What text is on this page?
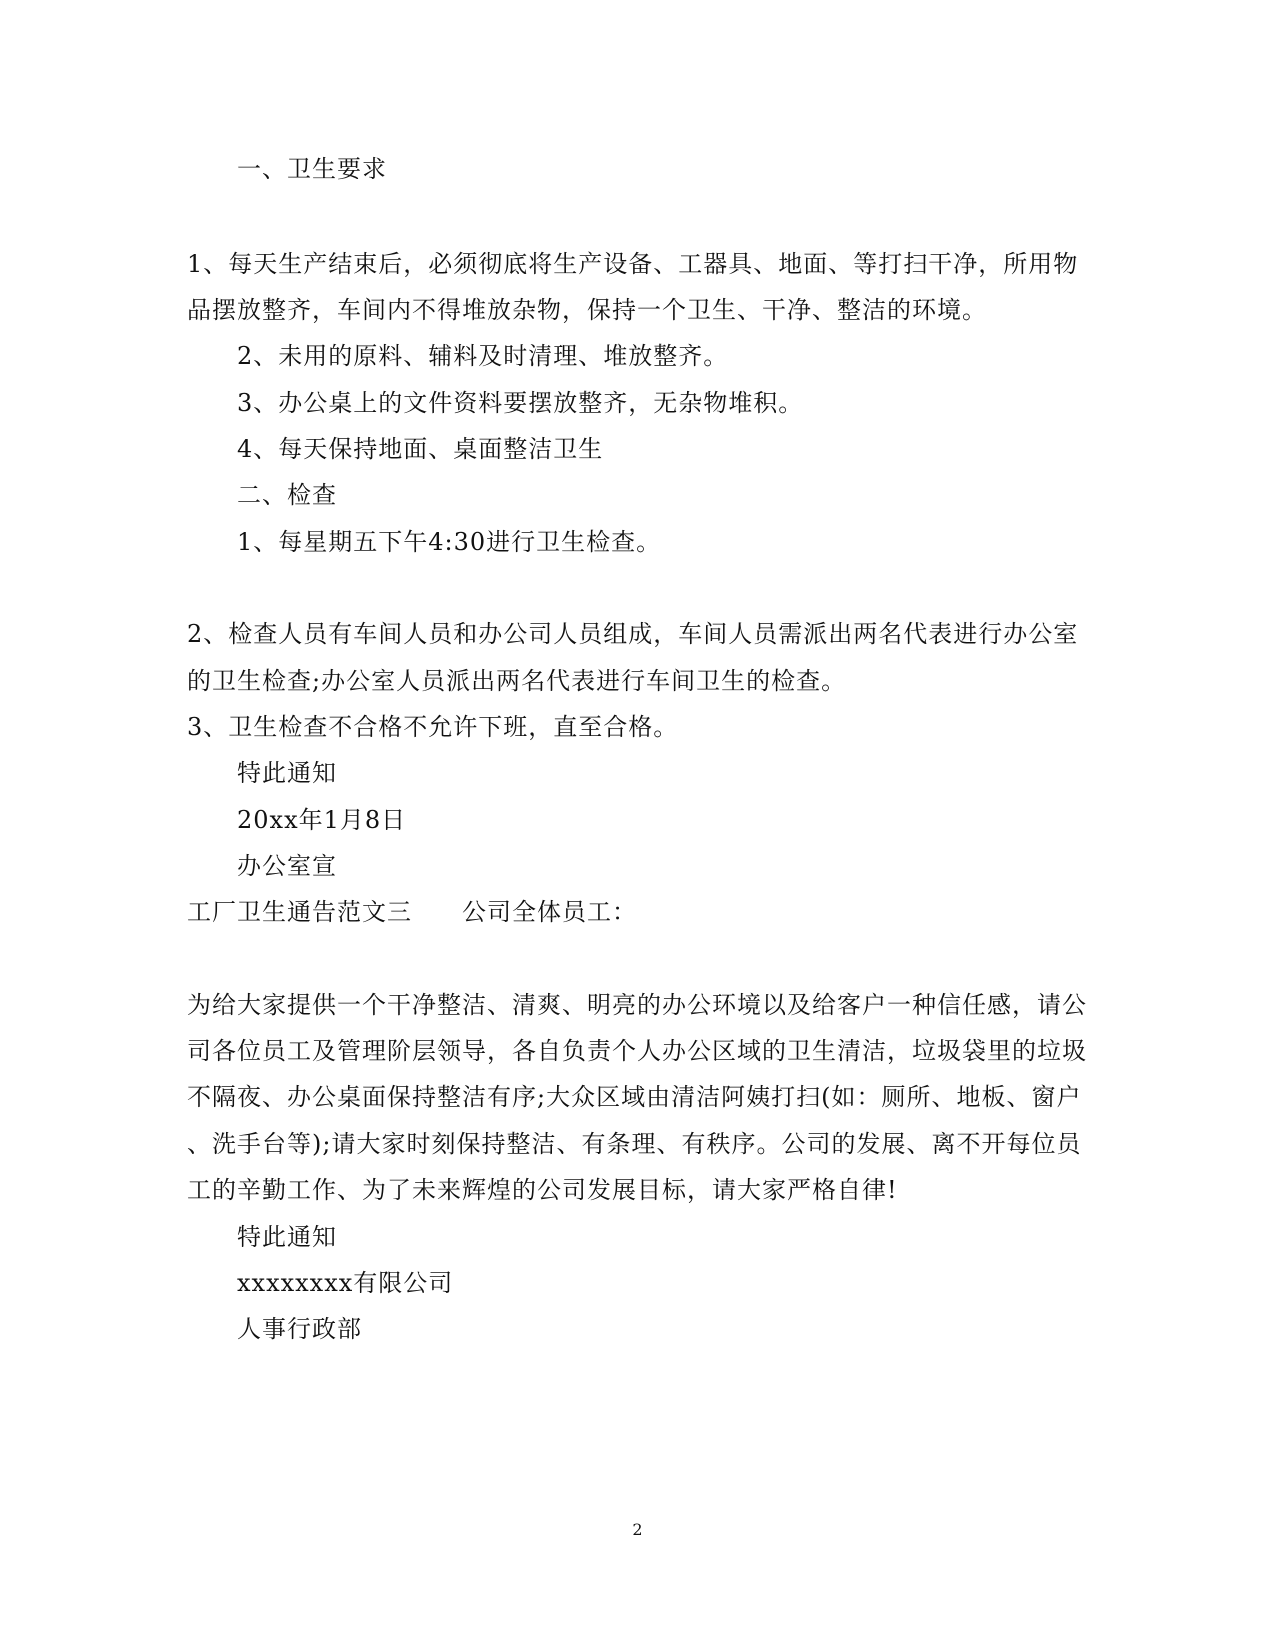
一、卫生要求
1、每天生产结束后，必须彻底将生产设备、工器具、地面、等打扫干净，所用物
品摆放整齐，车间内不得堆放杂物，保持一个卫生、干净、整洁的环境。
2、未用的原料、辅料及时清理、堆放整齐。
3、办公桌上的文件资料要摆放整齐，无杂物堆积。
4、每天保持地面、桌面整洁卫生
二、检查
1、每星期五下午4:30进行卫生检查。
2、检查人员有车间人员和办公司人员组成，车间人员需派出两名代表进行办公室
的卫生检查;办公室人员派出两名代表进行车间卫生的检查。
3、卫生检查不合格不允许下班，直至合格。
特此通知
20xx年1月8日
办公室宣
工厂卫生通告范文三 公司全体员工：
为给大家提供一个干净整洁、清爽、明亮的办公环境以及给客户一种信任感，请公
司各位员工及管理阶层领导，各自负责个人办公区域的卫生清洁，垃圾袋里的垃圾
不隔夜、办公桌面保持整洁有序;大众区域由清洁阿姨打扫(如：厕所、地板、窗户
、洗手台等);请大家时刻保持整洁、有条理、有秩序。公司的发展、离不开每位员
工的辛勤工作、为了未来辉煌的公司发展目标，请大家严格自律!
特此通知
xxxxxxxx有限公司
人事行政部
2
